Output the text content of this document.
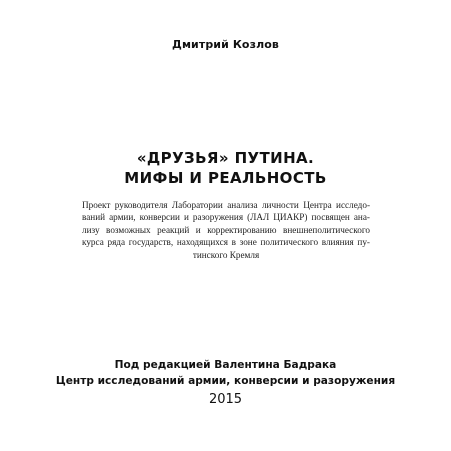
Дмитрий Козлов
«ДРУЗЬЯ» ПУТИНА.
МИФЫ И РЕАЛЬНОСТЬ
Проект руководителя Лаборатории анализа личности Центра исследо-
ваний армии, конверсии и разоружения (ЛАЛ ЦИАКР) посвящен ана-
лизу возможных реакций и корректированию внешнеполитического
курса ряда государств, находящихся в зоне политического влияния пу-
тинского Кремля
Под редакцией Валентина Бадрака
Центр исследований армии, конверсии и разоружения
2015
